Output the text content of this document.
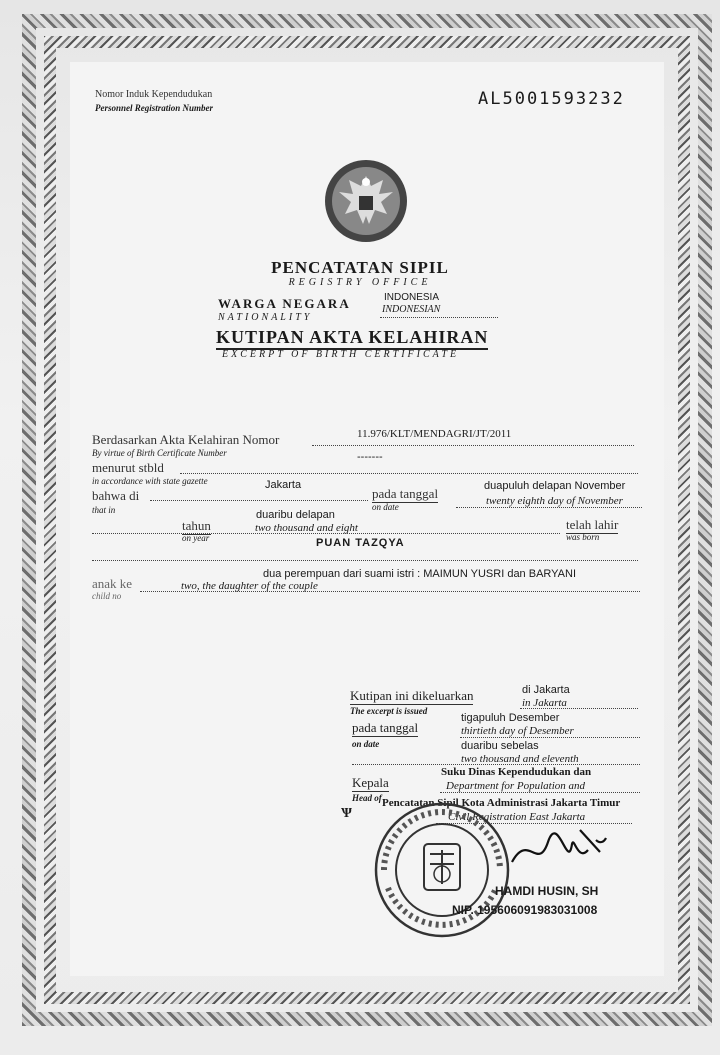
Nomor Induk Kependudukan
Personnel Registration Number	AL5001593232
PENCATATAN SIPIL
REGISTRY OFFICE
WARGA NEGARA
NATIONALITY
INDONESIA
INDONESIAN
KUTIPAN AKTA KELAHIRAN
EXCERPT OF BIRTH CERTIFICATE
Berdasarkan Akta Kelahiran Nomor
By virtue of Birth Certificate Number
11.976/KLT/MENDAGRI/JT/2011
menurut stbld
in accordance with state gazette
-------
bahwa di
that in
Jakarta
pada tanggal
on date
duapuluh delapan November
twenty eighth day of November
tahun
on year
duaribu delapan
two thousand and eight	telah lahir
was born
PUAN TAZQYA
dua perempuan dari suami istri : MAIMUN YUSRI dan BARYANI
anak ke
child no
two, the daughter of the couple
Kutipan ini dikeluarkan
The excerpt is issued
di Jakarta
in Jakarta
pada tanggal
on date
tigapuluh Desember
thirtieth day of Desember
duaribu sebelas
two thousand and eleventh
Kepala
Head of
Suku Dinas Kependudukan dan
Department for Population and
Pencatatan Sipil Kota Administrasi Jakarta Timur
Civil Registration East Jakarta
Ѱ
HAMDI HUSIN, SH
NIP. 195606091983031008
